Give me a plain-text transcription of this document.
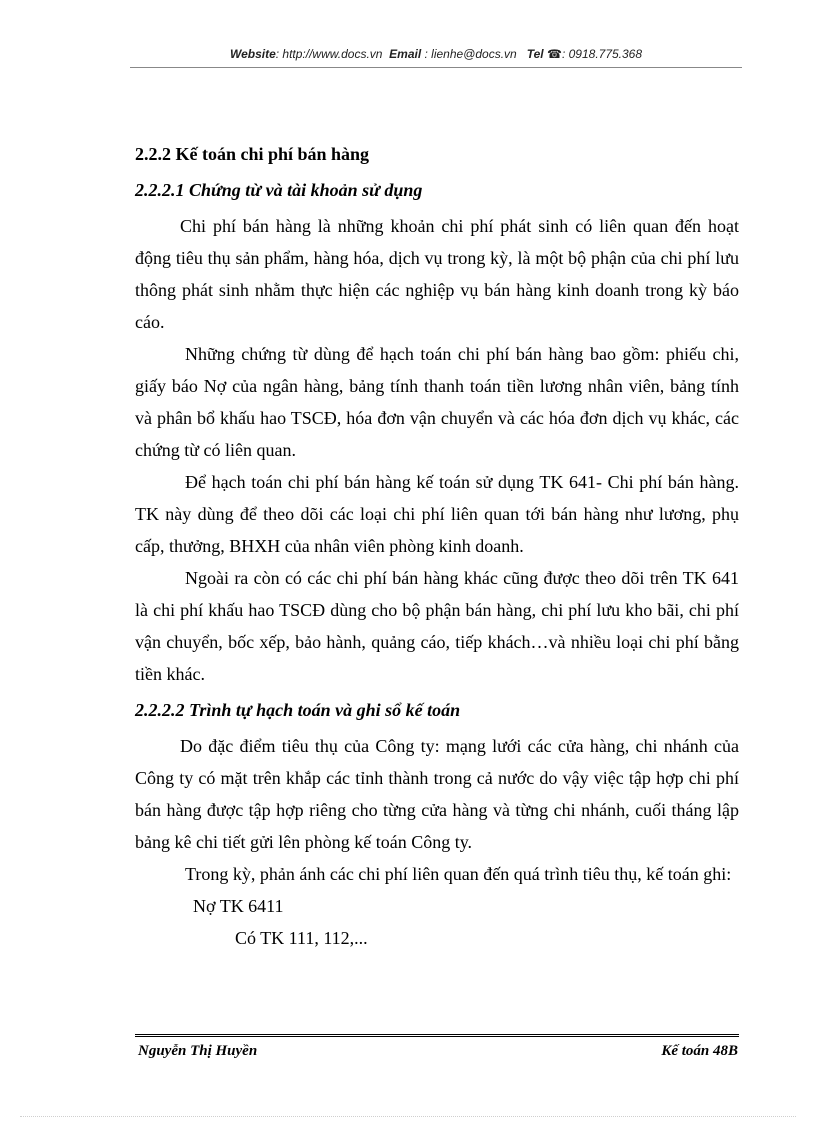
Website: http://www.docs.vn Email : lienhe@docs.vn Tel ☎: 0918.775.368

2.2.2 Kế toán chi phí bán hàng

2.2.2.1 Chứng từ và tài khoản sử dụng

Chi phí bán hàng là những khoản chi phí phát sinh có liên quan đến hoạt động tiêu thụ sản phẩm, hàng hóa, dịch vụ trong kỳ, là một bộ phận của chi phí lưu thông phát sinh nhằm thực hiện các nghiệp vụ bán hàng kinh doanh trong kỳ báo cáo.

Những chứng từ dùng để hạch toán chi phí bán hàng bao gồm: phiếu chi, giấy báo Nợ của ngân hàng, bảng tính thanh toán tiền lương nhân viên, bảng tính và phân bổ khấu hao TSCĐ, hóa đơn vận chuyển và các hóa đơn dịch vụ khác, các chứng từ có liên quan.

Để hạch toán chi phí bán hàng kế toán sử dụng TK 641- Chi phí bán hàng. TK này dùng để theo dõi các loại chi phí liên quan tới bán hàng như lương, phụ cấp, thưởng, BHXH của nhân viên phòng kinh doanh.

Ngoài ra còn có các chi phí bán hàng khác cũng được theo dõi trên TK 641 là chi phí khấu hao TSCĐ dùng cho bộ phận bán hàng, chi phí lưu kho bãi, chi phí vận chuyển, bốc xếp, bảo hành, quảng cáo, tiếp khách…và nhiều loại chi phí bằng tiền khác.

2.2.2.2 Trình tự hạch toán và ghi sổ kế toán

Do đặc điểm tiêu thụ của Công ty: mạng lưới các cửa hàng, chi nhánh của Công ty có mặt trên khắp các tỉnh thành trong cả nước do vậy việc tập hợp chi phí bán hàng được tập hợp riêng cho từng cửa hàng và từng chi nhánh, cuối tháng lập bảng kê chi tiết gửi lên phòng kế toán Công ty.

Trong kỳ, phản ánh các chi phí liên quan đến quá trình tiêu thụ, kế toán ghi:

Nợ TK 6411

Có TK 111, 112,...

Nguyễn Thị Huyền	Kế toán 48B
